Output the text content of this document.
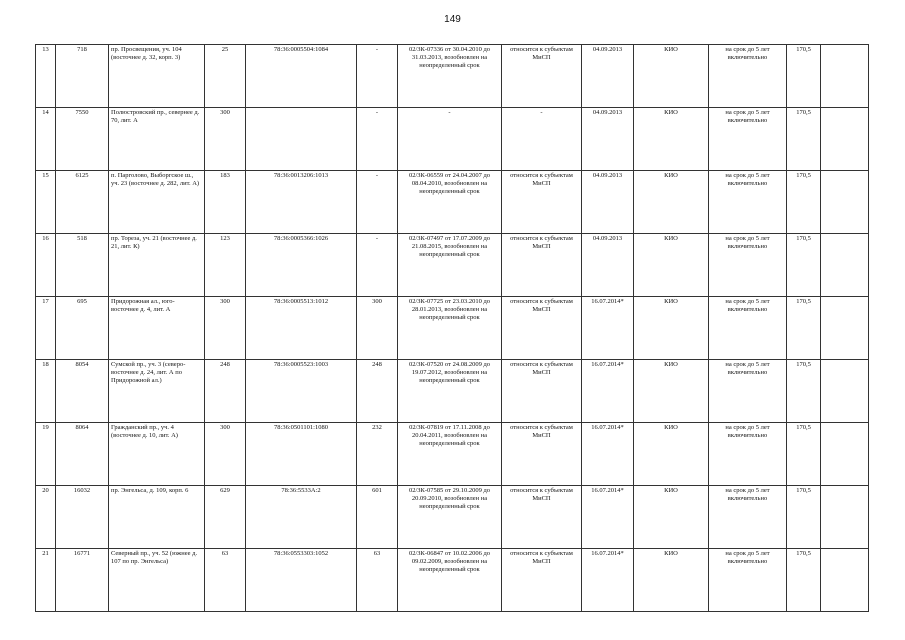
149
13	718	пр. Просвещения, уч. 104 (восточнее д. 32, корп. 3)	25	78:36:0005504:1084	-	02/ЗК-07336 от 30.04.2010 до 31.03.2013, возобновлен на неопределенный срок	относится к субъектам МиСП	04.09.2013	КИО	на срок до 5 лет включительно	170,5	
14	7550	Полюстровский пр., севернее д. 70, лит. А	300		-	-	-	04.09.2013	КИО	на срок до 5 лет включительно	170,5	
15	6125	п. Парголово, Выборгское ш., уч. 23 (восточнее д. 282, лит. А)	183	78:36:0013206:1013	-	02/ЗК-06559 от 24.04.2007 до 08.04.2010, возобновлен на неопределенный срок	относится к субъектам МиСП	04.09.2013	КИО	на срок до 5 лет включительно	170,5	
16	518	пр. Тореза, уч. 21 (восточнее д. 21, лит. К)	123	78:36:0005366:1026	-	02/ЗК-07497 от 17.07.2009 до 21.08.2015, возобновлен на неопределенный срок	относится к субъектам МиСП	04.09.2013	КИО	на срок до 5 лет включительно	170,5	
17	695	Придорожная ал., юго-восточнее д. 4, лит. А	300	78:36:0005513:1012	300	02/ЗК-07725 от 23.03.2010 до 28.01.2013, возобновлен на неопределенный срок	относится к субъектам МиСП	16.07.2014*	КИО	на срок до 5 лет включительно	170,5	
18	8054	Сумской пр., уч. 3 (северо-восточнее д. 24, лит. А по Придорожной ал.)	248	78:36:0005523:1003	248	02/ЗК-07520 от 24.08.2009 до 19.07.2012, возобновлен на неопределенный срок	относится к субъектам МиСП	16.07.2014*	КИО	на срок до 5 лет включительно	170,5	
19	8064	Гражданский пр., уч. 4 (восточнее д. 10, лит. А)	300	78:36:0501101:1080	232	02/ЗК-07819 от 17.11.2008 до 20.04.2011, возобновлен на неопределенный срок	относится к субъектам МиСП	16.07.2014*	КИО	на срок до 5 лет включительно	170,5	
20	16032	пр. Энгельса, д. 109, корп. 6	629	78:36:5533А:2	601	02/ЗК-07585 от 29.10.2009 до 20.09.2010, возобновлен на неопределенный срок	относится к субъектам МиСП	16.07.2014*	КИО	на срок до 5 лет включительно	170,5	
21	16771	Северный пр., уч. 52 (южнее д. 107 по пр. Энгельса)	63	78:36:0553303:1052	63	02/ЗК-06847 от 10.02.2006 до 09.02.2009, возобновлен на неопределенный срок	относится к субъектам МиСП	16.07.2014*	КИО	на срок до 5 лет включительно	170,5	
